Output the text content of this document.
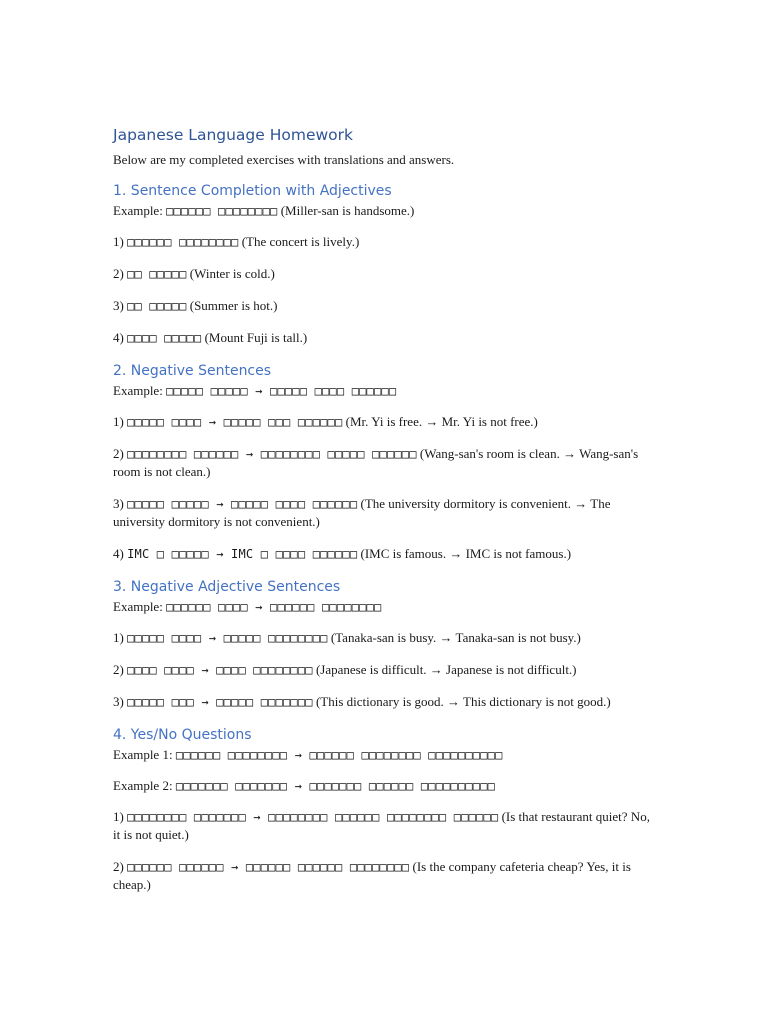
Japanese Language Homework
Below are my completed exercises with translations and answers.
1. Sentence Completion with Adjectives
Example: □□□□□□ □□□□□□□□ (Miller-san is handsome.)
1) □□□□□□ □□□□□□□□ (The concert is lively.)
2) □□ □□□□□ (Winter is cold.)
3) □□ □□□□□ (Summer is hot.)
4) □□□□ □□□□□ (Mount Fuji is tall.)
2. Negative Sentences
Example: □□□□□ □□□□□ → □□□□□ □□□□ □□□□□□
1) □□□□□ □□□□ → □□□□□ □□□ □□□□□□ (Mr. Yi is free. → Mr. Yi is not free.)
2) □□□□□□□□ □□□□□□ → □□□□□□□□ □□□□□ □□□□□□ (Wang-san's room is clean. → Wang-san's room is not clean.)
3) □□□□□ □□□□□ → □□□□□ □□□□ □□□□□□ (The university dormitory is convenient. → The university dormitory is not convenient.)
4) IMC □ □□□□□ → IMC □ □□□□ □□□□□□ (IMC is famous. → IMC is not famous.)
3. Negative Adjective Sentences
Example: □□□□□□ □□□□ → □□□□□□ □□□□□□□□
1) □□□□□ □□□□ → □□□□□ □□□□□□□□ (Tanaka-san is busy. → Tanaka-san is not busy.)
2) □□□□ □□□□ → □□□□ □□□□□□□□ (Japanese is difficult. → Japanese is not difficult.)
3) □□□□□ □□□ → □□□□□ □□□□□□□ (This dictionary is good. → This dictionary is not good.)
4. Yes/No Questions
Example 1: □□□□□□ □□□□□□□□ → □□□□□□ □□□□□□□□ □□□□□□□□□□
Example 2: □□□□□□□ □□□□□□□ → □□□□□□□ □□□□□□ □□□□□□□□□□
1) □□□□□□□□ □□□□□□□ → □□□□□□□□ □□□□□□ □□□□□□□□ □□□□□□ (Is that restaurant quiet? No, it is not quiet.)
2) □□□□□□ □□□□□□ → □□□□□□ □□□□□□ □□□□□□□□ (Is the company cafeteria cheap? Yes, it is cheap.)
